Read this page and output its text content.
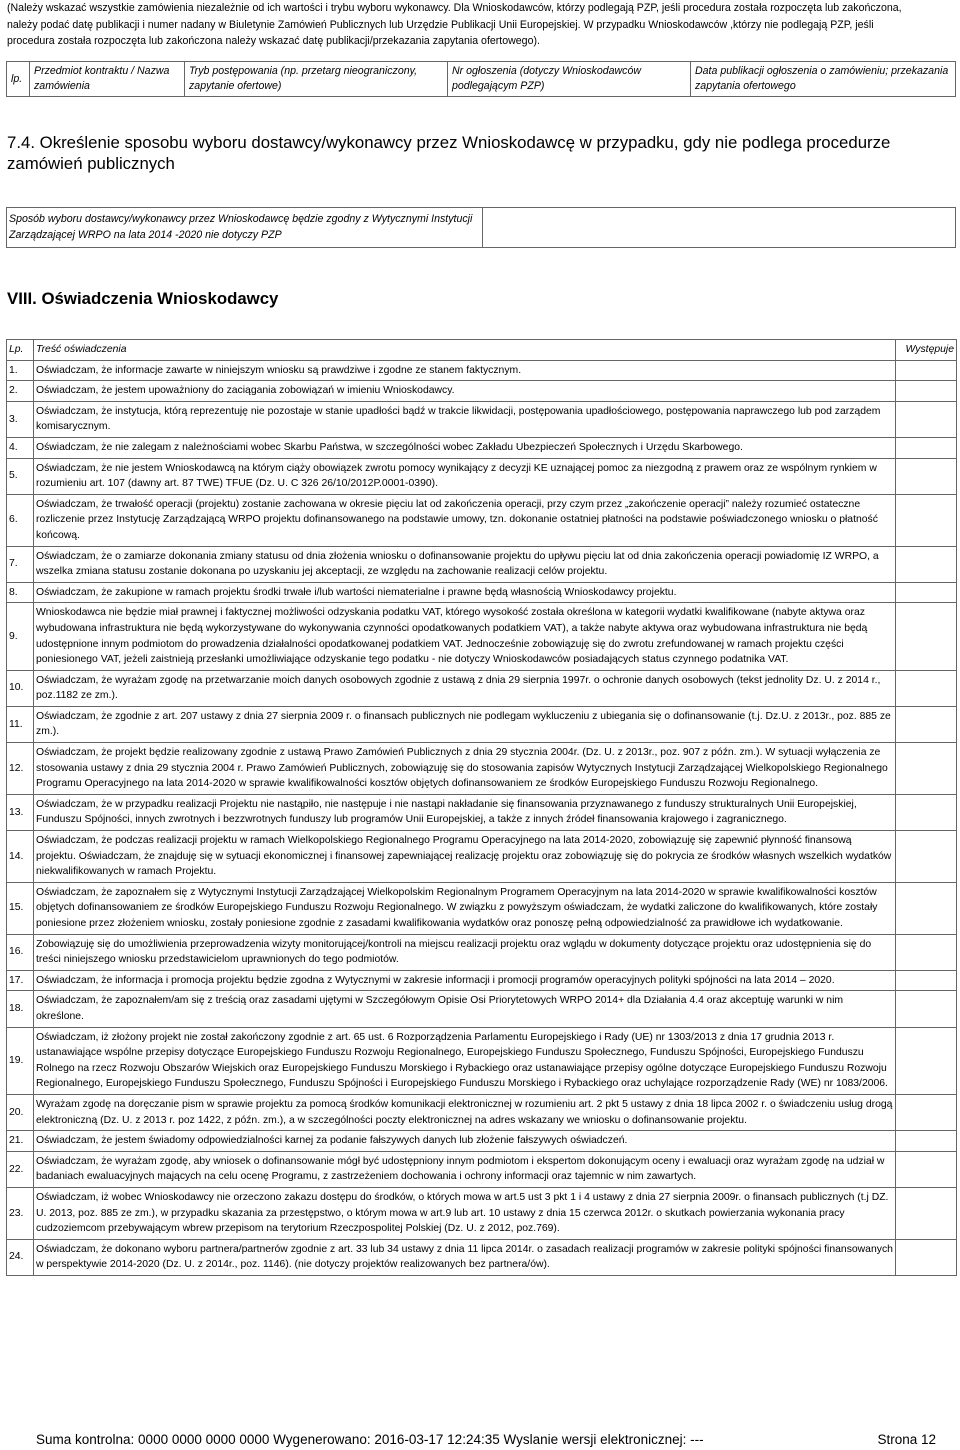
(Należy wskazać wszystkie zamówienia niezależnie od ich wartości i trybu wyboru wykonawcy. Dla Wnioskodawców, którzy podlegają PZP, jeśli procedura została rozpoczęta lub zakończona,
należy podać datę publikacji i numer nadany w Biuletynie Zamówień Publicznych lub Urzędzie Publikacji Unii Europejskiej. W przypadku Wnioskodawców ,którzy nie podlegają PZP, jeśli
procedura została rozpoczęta lub zakończona należy wskazać datę publikacji/przekazania zapytania ofertowego).
lp.	Przedmiot kontraktu / Nazwa zamówienia	Tryb postępowania (np. przetarg nieograniczony, zapytanie ofertowe)	Nr ogłoszenia (dotyczy Wnioskodawców podlegającym PZP)	Data publikacji ogłoszenia o zamówieniu; przekazania zapytania ofertowego
7.4. Określenie sposobu wyboru dostawcy/wykonawcy przez Wnioskodawcę w przypadku, gdy nie podlega procedurze zamówień publicznych
Sposób wyboru dostawcy/wykonawcy przez Wnioskodawcę będzie zgodny z Wytycznymi Instytucji Zarządzającej WRPO na lata 2014 -2020 nie dotyczy PZP	
VIII. Oświadczenia Wnioskodawcy
Lp.	Treść oświadczenia	Występuje
1.	Oświadczam, że informacje zawarte w niniejszym wniosku są prawdziwe i zgodne ze stanem faktycznym.	
2.	Oświadczam, że jestem upoważniony do zaciągania zobowiązań w imieniu Wnioskodawcy.	
3.	Oświadczam, że instytucja, którą reprezentuję nie pozostaje w stanie upadłości bądź w trakcie likwidacji, postępowania upadłościowego, postępowania naprawczego lub pod zarządem komisarycznym.	
4.	Oświadczam, że nie zalegam z należnościami wobec Skarbu Państwa, w szczególności wobec Zakładu Ubezpieczeń Społecznych i Urzędu Skarbowego.	
5.	Oświadczam, że nie jestem Wnioskodawcą na którym ciąży obowiązek zwrotu pomocy wynikający z decyzji KE uznającej pomoc za niezgodną z prawem oraz ze wspólnym rynkiem w rozumieniu art. 107 (dawny art. 87 TWE) TFUE (Dz. U. C 326 26/10/2012P.0001-0390).	
6.	Oświadczam, że trwałość operacji (projektu) zostanie zachowana w okresie pięciu lat od zakończenia operacji, przy czym przez „zakończenie operacji” należy rozumieć ostateczne rozliczenie przez Instytucję Zarządzającą WRPO projektu dofinansowanego na podstawie umowy, tzn. dokonanie ostatniej płatności na podstawie poświadczonego wniosku o płatność końcową.	
7.	Oświadczam, że o zamiarze dokonania zmiany statusu od dnia złożenia wniosku o dofinansowanie projektu do upływu pięciu lat od dnia zakończenia operacji powiadomię IZ WRPO, a wszelka zmiana statusu zostanie dokonana po uzyskaniu jej akceptacji, ze względu na zachowanie realizacji celów projektu.	
8.	Oświadczam, że zakupione w ramach projektu środki trwałe i/lub wartości niematerialne i prawne będą własnością Wnioskodawcy projektu.	
9.	Wnioskodawca nie będzie miał prawnej i faktycznej możliwości odzyskania podatku VAT, którego wysokość została określona w kategorii wydatki kwalifikowane (nabyte aktywa oraz wybudowana infrastruktura nie będą wykorzystywane do wykonywania czynności opodatkowanych podatkiem VAT), a także nabyte aktywa oraz wybudowana infrastruktura nie będą udostępnione innym podmiotom do prowadzenia działalności opodatkowanej podatkiem VAT. Jednocześnie zobowiązuję się do zwrotu zrefundowanej w ramach projektu części poniesionego VAT, jeżeli zaistnieją przesłanki umożliwiające odzyskanie tego podatku - nie dotyczy Wnioskodawców posiadających status czynnego podatnika VAT.	
10.	Oświadczam, że wyrażam zgodę na przetwarzanie moich danych osobowych zgodnie z ustawą z dnia 29 sierpnia 1997r. o ochronie danych osobowych (tekst jednolity Dz. U. z 2014 r., poz.1182 ze zm.).	
11.	Oświadczam, że zgodnie z art. 207 ustawy z dnia 27 sierpnia 2009 r. o finansach publicznych nie podlegam wykluczeniu z ubiegania się o dofinansowanie (t.j. Dz.U. z 2013r., poz. 885 ze zm.).	
12.	Oświadczam, że projekt będzie realizowany zgodnie z ustawą Prawo Zamówień Publicznych z dnia 29 stycznia 2004r. (Dz. U. z 2013r., poz. 907 z późn. zm.). W sytuacji wyłączenia ze stosowania ustawy z dnia 29 stycznia 2004 r. Prawo Zamówień Publicznych, zobowiązuję się do stosowania zapisów Wytycznych Instytucji Zarządzającej Wielkopolskiego Regionalnego Programu Operacyjnego na lata 2014-2020 w sprawie kwalifikowalności kosztów objętych dofinansowaniem ze środków Europejskiego Funduszu Rozwoju Regionalnego.	
13.	Oświadczam, że w przypadku realizacji Projektu nie nastąpiło, nie następuje i nie nastąpi nakładanie się finansowania przyznawanego z funduszy strukturalnych Unii Europejskiej, Funduszu Spójności, innych zwrotnych i bezzwrotnych funduszy lub programów Unii Europejskiej, a także z innych źródeł finansowania krajowego i zagranicznego.	
14.	Oświadczam, że podczas realizacji projektu w ramach Wielkopolskiego Regionalnego Programu Operacyjnego na lata 2014-2020, zobowiązuję się zapewnić płynność finansową projektu. Oświadczam, że znajduję się w sytuacji ekonomicznej i finansowej zapewniającej realizację projektu oraz zobowiązuję się do pokrycia ze środków własnych wszelkich wydatków niekwalifikowanych w ramach Projektu.	
15.	Oświadczam, że zapoznałem się z Wytycznymi Instytucji Zarządzającej Wielkopolskim Regionalnym Programem Operacyjnym na lata 2014-2020 w sprawie kwalifikowalności kosztów objętych dofinansowaniem ze środków Europejskiego Funduszu Rozwoju Regionalnego. W związku z powyższym oświadczam, że wydatki zaliczone do kwalifikowanych, które zostały poniesione przez złożeniem wniosku, zostały poniesione zgodnie z zasadami kwalifikowania wydatków oraz ponoszę pełną odpowiedzialność za prawidłowe ich wydatkowanie.	
16.	Zobowiązuję się do umożliwienia przeprowadzenia wizyty monitorującej/kontroli na miejscu realizacji projektu oraz wglądu w dokumenty dotyczące projektu oraz udostępnienia się do treści niniejszego wniosku przedstawicielom uprawnionych do tego podmiotów.	
17.	Oświadczam, że informacja i promocja projektu będzie zgodna z Wytycznymi w zakresie informacji i promocji programów operacyjnych polityki spójności na lata 2014 – 2020.	
18.	Oświadczam, że zapoznałem/am się z treścią oraz zasadami ujętymi w Szczegółowym Opisie Osi Priorytetowych WRPO 2014+ dla Działania 4.4 oraz akceptuję warunki w nim określone.	
19.	Oświadczam, iż złożony projekt nie został zakończony zgodnie z art. 65 ust. 6 Rozporządzenia Parlamentu Europejskiego i Rady (UE) nr 1303/2013 z dnia 17 grudnia 2013 r. ustanawiające wspólne przepisy dotyczące Europejskiego Funduszu Rozwoju Regionalnego, Europejskiego Funduszu Społecznego, Funduszu Spójności, Europejskiego Funduszu Rolnego na rzecz Rozwoju Obszarów Wiejskich oraz Europejskiego Funduszu Morskiego i Rybackiego oraz ustanawiające przepisy ogólne dotyczące Europejskiego Funduszu Rozwoju Regionalnego, Europejskiego Funduszu Społecznego, Funduszu Spójności i Europejskiego Funduszu Morskiego i Rybackiego oraz uchylające rozporządzenie Rady (WE) nr 1083/2006.	
20.	Wyrażam zgodę na doręczanie pism w sprawie projektu za pomocą środków komunikacji elektronicznej w rozumieniu art. 2 pkt 5 ustawy z dnia 18 lipca 2002 r. o świadczeniu usług drogą elektroniczną (Dz. U. z 2013 r. poz 1422, z późn. zm.), a w szczególności poczty elektronicznej na adres wskazany we wniosku o dofinansowanie projektu.	
21.	Oświadczam, że jestem świadomy odpowiedzialności karnej za podanie fałszywych danych lub złożenie fałszywych oświadczeń.	
22.	Oświadczam, że wyrażam zgodę, aby wniosek o dofinansowanie mógł być udostępniony innym podmiotom i ekspertom dokonującym oceny i ewaluacji oraz wyrażam zgodę na udział w badaniach ewaluacyjnych mających na celu ocenę Programu, z zastrzeżeniem dochowania i ochrony informacji oraz tajemnic w nim zawartych.	
23.	Oświadczam, iż wobec Wnioskodawcy nie orzeczono zakazu dostępu do środków, o których mowa w art.5 ust 3 pkt 1 i 4 ustawy z dnia 27 sierpnia 2009r. o finansach publicznych (t.j DZ. U. 2013, poz. 885 ze zm.), w przypadku skazania za przestępstwo, o którym mowa w art.9 lub art. 10 ustawy z dnia 15 czerwca 2012r. o skutkach powierzania wykonania pracy cudzoziemcom przebywającym wbrew przepisom na terytorium Rzeczpospolitej Polskiej (Dz. U. z 2012, poz.769).	
24.	Oświadczam, że dokonano wyboru partnera/partnerów zgodnie z art. 33 lub 34 ustawy z dnia 11 lipca 2014r. o zasadach realizacji programów w zakresie polityki spójności finansowanych w perspektywie 2014-2020 (Dz. U. z 2014r., poz. 1146). (nie dotyczy projektów realizowanych bez partnera/ów).	
Suma kontrolna: 0000 0000 0000 0000 Wygenerowano: 2016-03-17 12:24:35 Wyslanie wersji elektronicznej: ---	Strona 12
